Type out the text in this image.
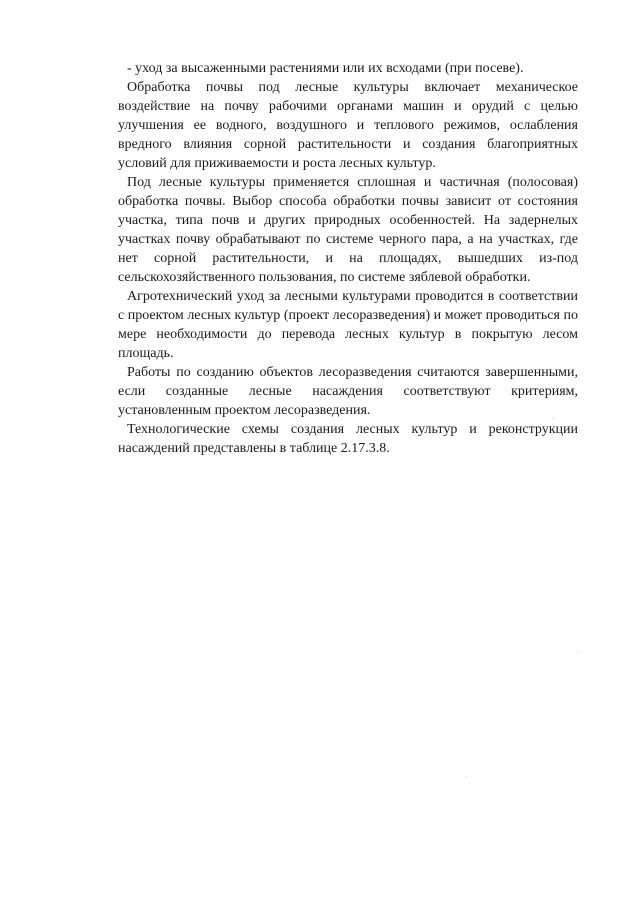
- уход за высаженными растениями или их всходами (при посеве).

Обработка почвы под лесные культуры включает механическое воздействие на почву рабочими органами машин и орудий с целью улучшения ее водного, воздушного и теплового режимов, ослабления вредного влияния сорной растительности и создания благоприятных условий для приживаемости и роста лесных культур.

Под лесные культуры применяется сплошная и частичная (полосовая) обработка почвы. Выбор способа обработки почвы зависит от состояния участка, типа почв и других природных особенностей. На задернелых участках почву обрабатывают по системе черного пара, а на участках, где нет сорной растительности, и на площадях, вышедших из-под сельскохозяйственного пользования, по системе зяблевой обработки.

Агротехнический уход за лесными культурами проводится в соответствии с проектом лесных культур (проект лесоразведения) и может проводиться по мере необходимости до перевода лесных культур в покрытую лесом площадь.

Работы по созданию объектов лесоразведения считаются завершенными, если созданные лесные насаждения соответствуют критериям, установленным проектом лесоразведения.

Технологические схемы создания лесных культур и реконструкции насаждений представлены в таблице 2.17.3.8.
